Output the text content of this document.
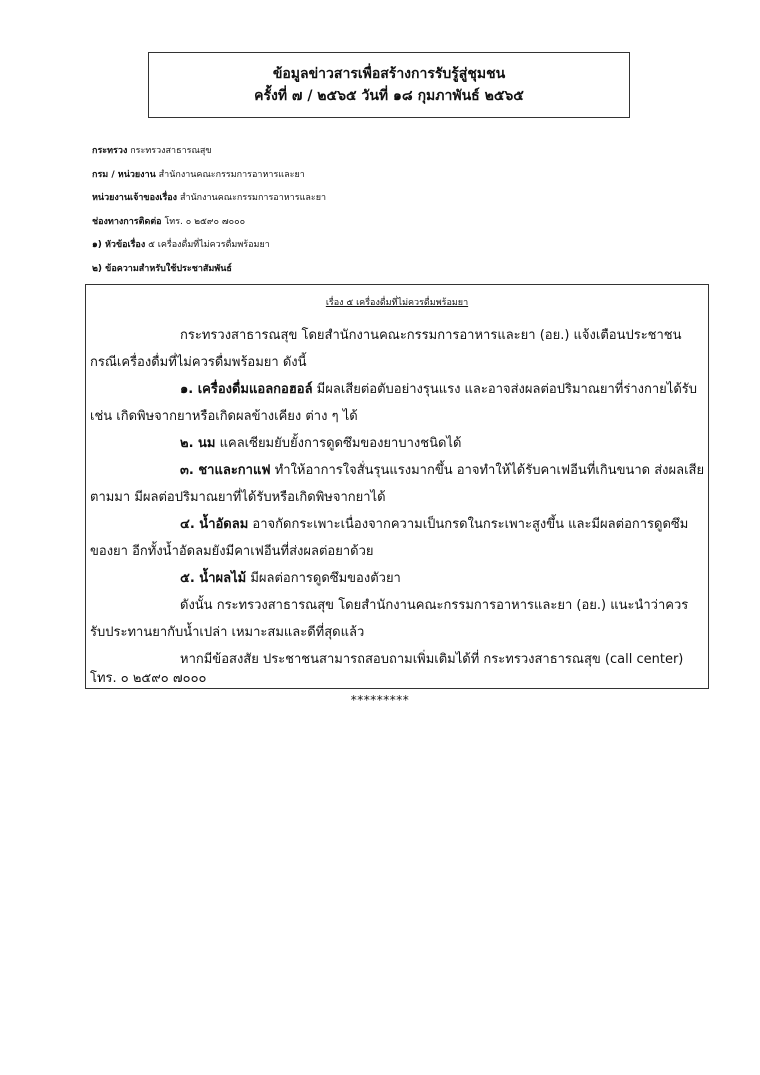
ข้อมูลข่าวสารเพื่อสร้างการรับรู้สู่ชุมชน
ครั้งที่ ๗ / ๒๕๖๕ วันที่ ๑๘ กุมภาพันธ์ ๒๕๖๕
กระทรวง กระทรวงสาธารณสุข
กรม / หน่วยงาน สำนักงานคณะกรรมการอาหารและยา
หน่วยงานเจ้าของเรื่อง สำนักงานคณะกรรมการอาหารและยา
ช่องทางการติดต่อ โทร. ๐ ๒๕๙๐ ๗๐๐๐
๑) หัวข้อเรื่อง ๕ เครื่องดื่มที่ไม่ควรดื่มพร้อมยา
๒) ข้อความสำหรับใช้ประชาสัมพันธ์
เรื่อง ๕ เครื่องดื่มที่ไม่ควรดื่มพร้อมยา
กระทรวงสาธารณสุข โดยสำนักงานคณะกรรมการอาหารและยา (อย.) แจ้งเตือนประชาชน
กรณีเครื่องดื่มที่ไม่ควรดื่มพร้อมยา ดังนี้
๑. เครื่องดื่มแอลกอฮอล์ มีผลเสียต่อตับอย่างรุนแรง และอาจส่งผลต่อปริมาณยาที่ร่างกายได้รับ
เช่น เกิดพิษจากยาหรือเกิดผลข้างเคียง ต่าง ๆ ได้
๒. นม แคลเซียมยับยั้งการดูดซึมของยาบางชนิดได้
๓. ชาและกาแฟ ทำให้อาการใจสั่นรุนแรงมากขึ้น อาจทำให้ได้รับคาเฟอีนที่เกินขนาด ส่งผลเสีย
ตามมา มีผลต่อปริมาณยาที่ได้รับหรือเกิดพิษจากยาได้
๔. น้ำอัดลม อาจกัดกระเพาะเนื่องจากความเป็นกรดในกระเพาะสูงขึ้น และมีผลต่อการดูดซึม
ของยา อีกทั้งน้ำอัดลมยังมีคาเฟอีนที่ส่งผลต่อยาด้วย
๕. น้ำผลไม้ มีผลต่อการดูดซึมของตัวยา
ดังนั้น กระทรวงสาธารณสุข โดยสำนักงานคณะกรรมการอาหารและยา (อย.) แนะนำว่าควร
รับประทานยากับน้ำเปล่า เหมาะสมและดีที่สุดแล้ว
หากมีข้อสงสัย ประชาชนสามารถสอบถามเพิ่มเติมได้ที่ กระทรวงสาธารณสุข (call center)
โทร. ๐ ๒๕๙๐ ๗๐๐๐
*********
